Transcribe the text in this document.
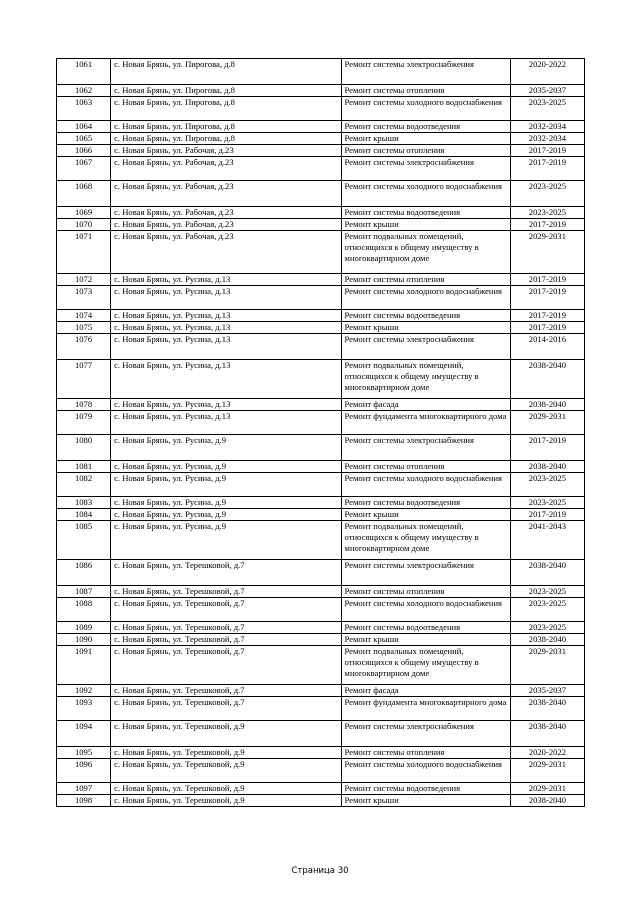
1061	с. Новая Брянь, ул. Пирогова, д.8	Ремонт системы электроснабжения	2020-2022
1062	с. Новая Брянь, ул. Пирогова, д.8	Ремонт системы отопления	2035-2037
1063	с. Новая Брянь, ул. Пирогова, д.8	Ремонт системы холодного водоснабжения	2023-2025
1064	с. Новая Брянь, ул. Пирогова, д.8	Ремонт системы водоотведения	2032-2034
1065	с. Новая Брянь, ул. Пирогова, д.8	Ремонт крыши	2032-2034
1066	с. Новая Брянь, ул. Рабочая, д.23	Ремонт системы отопления	2017-2019
1067	с. Новая Брянь, ул. Рабочая, д.23	Ремонт системы электроснабжения	2017-2019
1068	с. Новая Брянь, ул. Рабочая, д.23	Ремонт системы холодного водоснабжения	2023-2025
1069	с. Новая Брянь, ул. Рабочая, д.23	Ремонт системы водоотведения	2023-2025
1070	с. Новая Брянь, ул. Рабочая, д.23	Ремонт крыши	2017-2019
1071	с. Новая Брянь, ул. Рабочая, д.23	Ремонт подвальных помещений, относящихся к общему имуществу в многоквартирном доме	2029-2031
1072	с. Новая Брянь, ул. Русина, д.13	Ремонт системы отопления	2017-2019
1073	с. Новая Брянь, ул. Русина, д.13	Ремонт системы холодного водоснабжения	2017-2019
1074	с. Новая Брянь, ул. Русина, д.13	Ремонт системы водоотведения	2017-2019
1075	с. Новая Брянь, ул. Русина, д.13	Ремонт крыши	2017-2019
1076	с. Новая Брянь, ул. Русина, д.13	Ремонт системы электроснабжения	2014-2016
1077	с. Новая Брянь, ул. Русина, д.13	Ремонт подвальных помещений, относящихся к общему имуществу в многоквартирном доме	2038-2040
1078	с. Новая Брянь, ул. Русина, д.13	Ремонт фасада	2038-2040
1079	с. Новая Брянь, ул. Русина, д.13	Ремонт фундамента многоквартирного дома	2029-2031
1080	с. Новая Брянь, ул. Русина, д.9	Ремонт системы электроснабжения	2017-2019
1081	с. Новая Брянь, ул. Русина, д.9	Ремонт системы отопления	2038-2040
1082	с. Новая Брянь, ул. Русина, д.9	Ремонт системы холодного водоснабжения	2023-2025
1083	с. Новая Брянь, ул. Русина, д.9	Ремонт системы водоотведения	2023-2025
1084	с. Новая Брянь, ул. Русина, д.9	Ремонт крыши	2017-2019
1085	с. Новая Брянь, ул. Русина, д.9	Ремонт подвальных помещений, относящихся к общему имуществу в многоквартирном доме	2041-2043
1086	с. Новая Брянь, ул. Терешковой, д.7	Ремонт системы электроснабжения	2038-2040
1087	с. Новая Брянь, ул. Терешковой, д.7	Ремонт системы отопления	2023-2025
1088	с. Новая Брянь, ул. Терешковой, д.7	Ремонт системы холодного водоснабжения	2023-2025
1089	с. Новая Брянь, ул. Терешковой, д.7	Ремонт системы водоотведения	2023-2025
1090	с. Новая Брянь, ул. Терешковой, д.7	Ремонт крыши	2038-2040
1091	с. Новая Брянь, ул. Терешковой, д.7	Ремонт подвальных помещений, относящихся к общему имуществу в многоквартирном доме	2029-2031
1092	с. Новая Брянь, ул. Терешковой, д.7	Ремонт фасада	2035-2037
1093	с. Новая Брянь, ул. Терешковой, д.7	Ремонт фундамента многоквартирного дома	2038-2040
1094	с. Новая Брянь, ул. Терешковой, д.9	Ремонт системы электроснабжения	2038-2040
1095	с. Новая Брянь, ул. Терешковой, д.9	Ремонт системы отопления	2020-2022
1096	с. Новая Брянь, ул. Терешковой, д.9	Ремонт системы холодного водоснабжения	2029-2031
1097	с. Новая Брянь, ул. Терешковой, д.9	Ремонт системы водоотведения	2029-2031
1098	с. Новая Брянь, ул. Терешковой, д.9	Ремонт крыши	2038-2040
Страница 30
